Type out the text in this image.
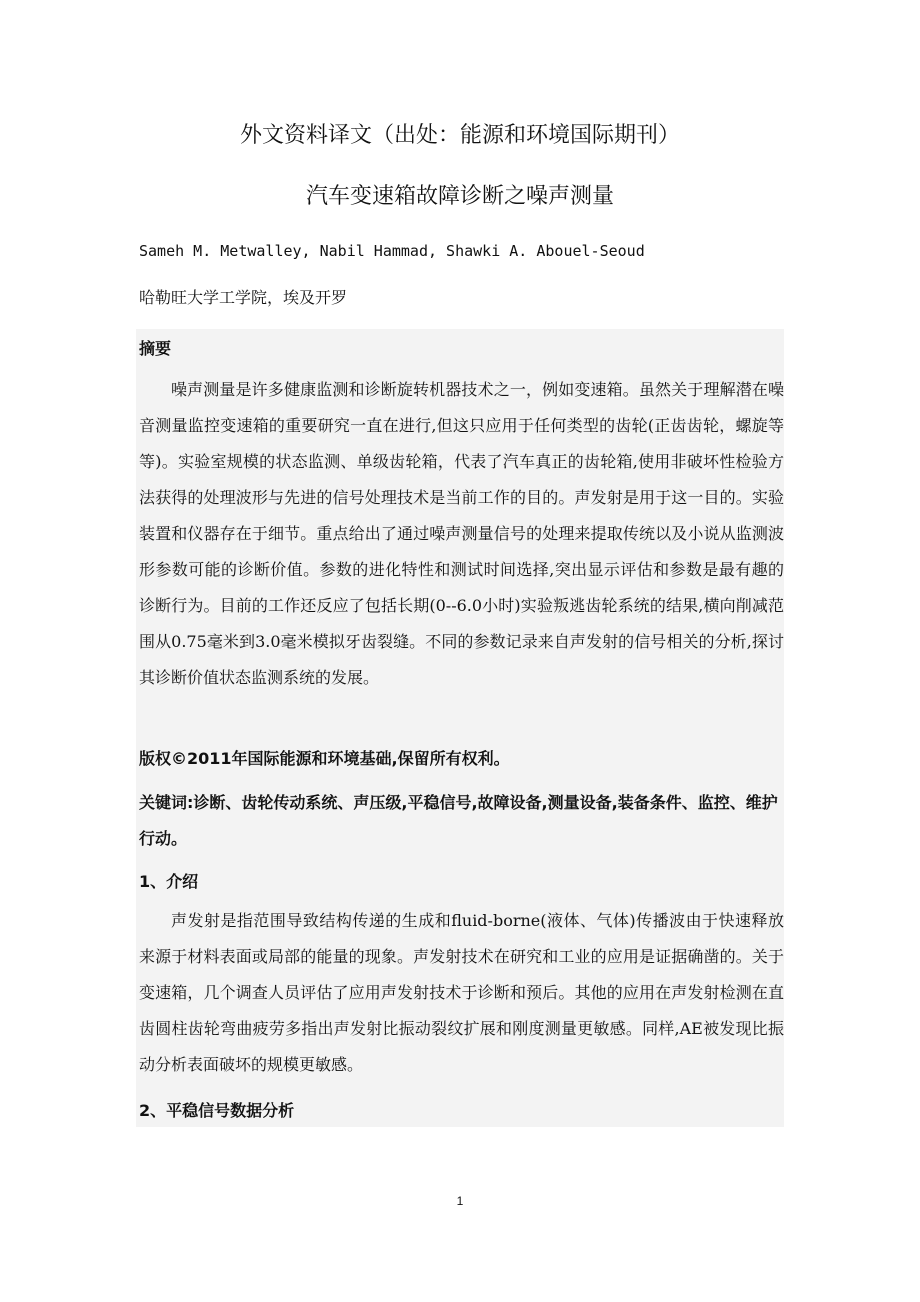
外文资料译文（出处：能源和环境国际期刊）
汽车变速箱故障诊断之噪声测量
Sameh M. Metwalley, Nabil Hammad, Shawki A. Abouel-Seoud
哈勒旺大学工学院，埃及开罗
摘要

噪声测量是许多健康监测和诊断旋转机器技术之一，例如变速箱。虽然关于理解潜在噪音测量监控变速箱的重要研究一直在进行,但这只应用于任何类型的齿轮(正齿齿轮，螺旋等等)。实验室规模的状态监测、单级齿轮箱，代表了汽车真正的齿轮箱,使用非破坏性检验方法获得的处理波形与先进的信号处理技术是当前工作的目的。声发射是用于这一目的。实验装置和仪器存在于细节。重点给出了通过噪声测量信号的处理来提取传统以及小说从监测波形参数可能的诊断价值。参数的进化特性和测试时间选择,突出显示评估和参数是最有趣的诊断行为。目前的工作还反应了包括长期(0--6.0小时)实验叛逃齿轮系统的结果,横向削减范围从0.75毫米到3.0毫米模拟牙齿裂缝。不同的参数记录来自声发射的信号相关的分析,探讨其诊断价值状态监测系统的发展。

版权©2011年国际能源和环境基础,保留所有权利。

关键词:诊断、齿轮传动系统、声压级,平稳信号,故障设备,测量设备,装备条件、监控、维护行动。

1、介绍

声发射是指范围导致结构传递的生成和fluid-borne(液体、气体)传播波由于快速释放来源于材料表面或局部的能量的现象。声发射技术在研究和工业的应用是证据确凿的。关于变速箱，几个调查人员评估了应用声发射技术于诊断和预后。其他的应用在声发射检测在直齿圆柱齿轮弯曲疲劳多指出声发射比振动裂纹扩展和刚度测量更敏感。同样,AE被发现比振动分析表面破坏的规模更敏感。

2、平稳信号数据分析
1
